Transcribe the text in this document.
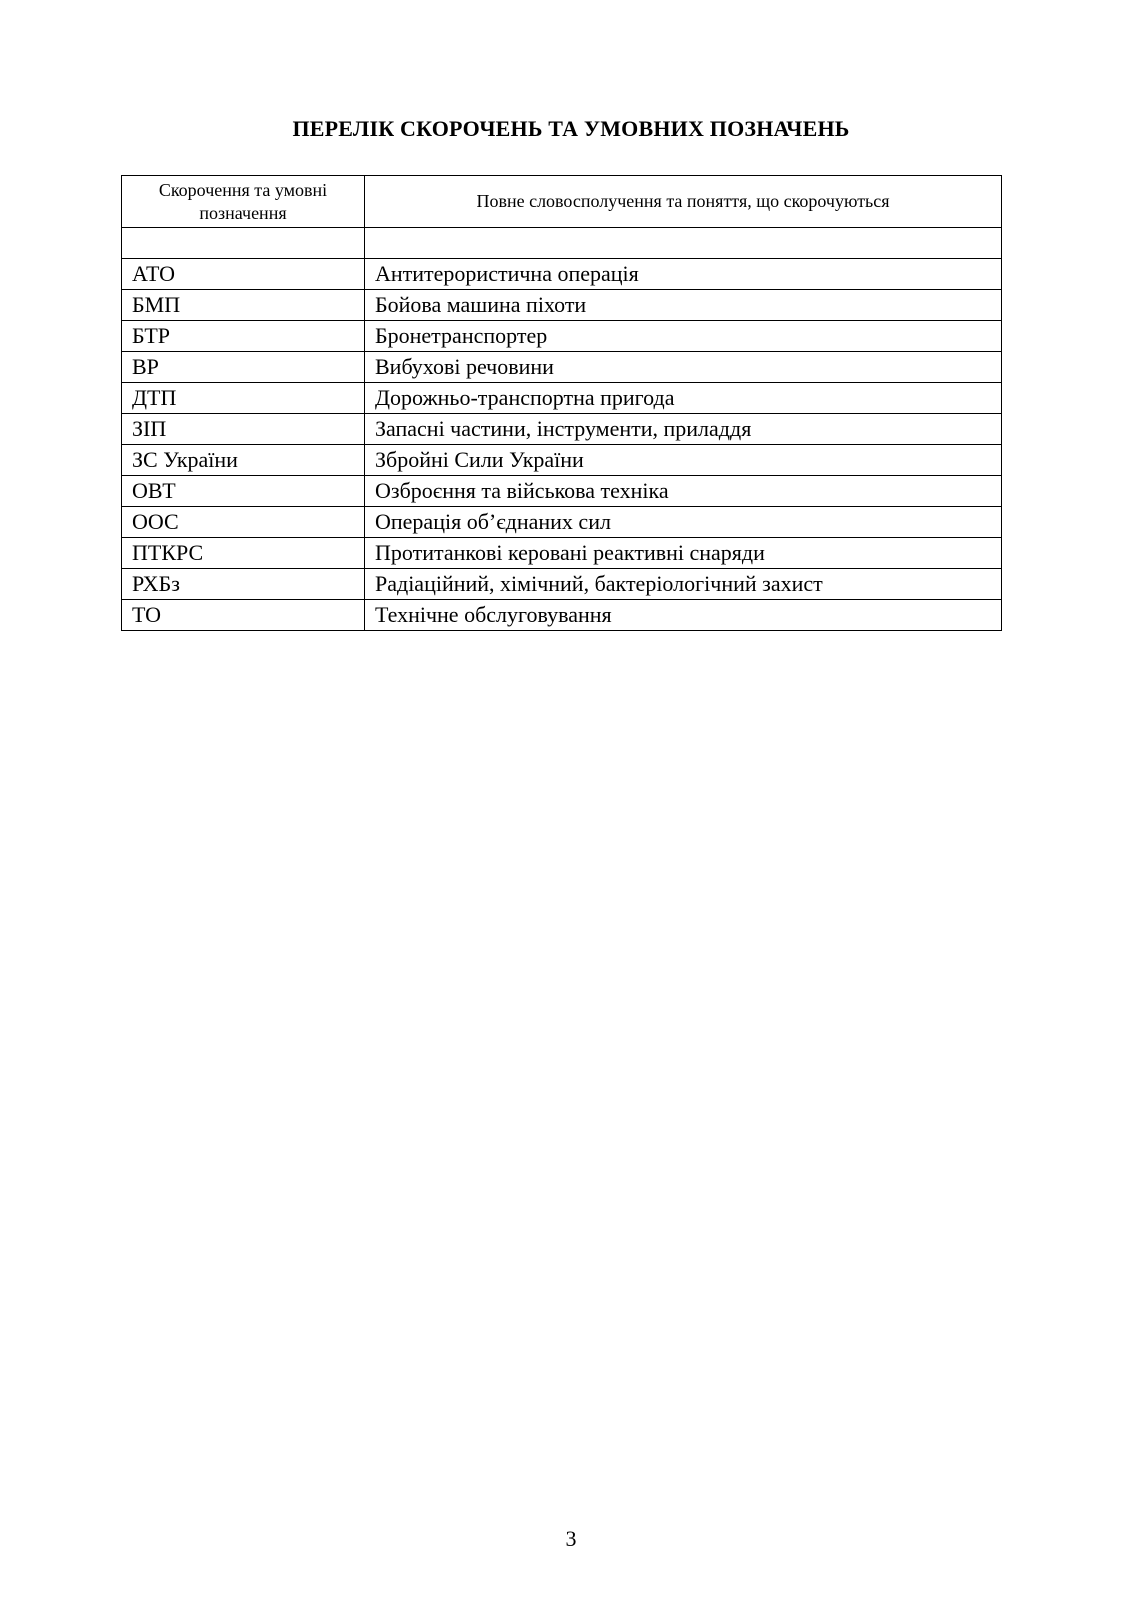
ПЕРЕЛІК СКОРОЧЕНЬ ТА УМОВНИХ ПОЗНАЧЕНЬ
Скорочення та умовні позначення	Повне словосполучення та поняття, що скорочуються

АТО	Антитерористична операція
БМП	Бойова машина піхоти
БТР	Бронетранспортер
ВР	Вибухові речовини
ДТП	Дорожньо-транспортна пригода
ЗІП	Запасні частини, інструменти, приладдя
ЗС України	Збройні Сили України
ОВТ	Озброєння та військова техніка
ООС	Операція об’єднаних сил
ПТКРС	Протитанкові керовані реактивні снаряди
РХБз	Радіаційний, хімічний, бактеріологічний захист
ТО	Технічне обслуговування
3
